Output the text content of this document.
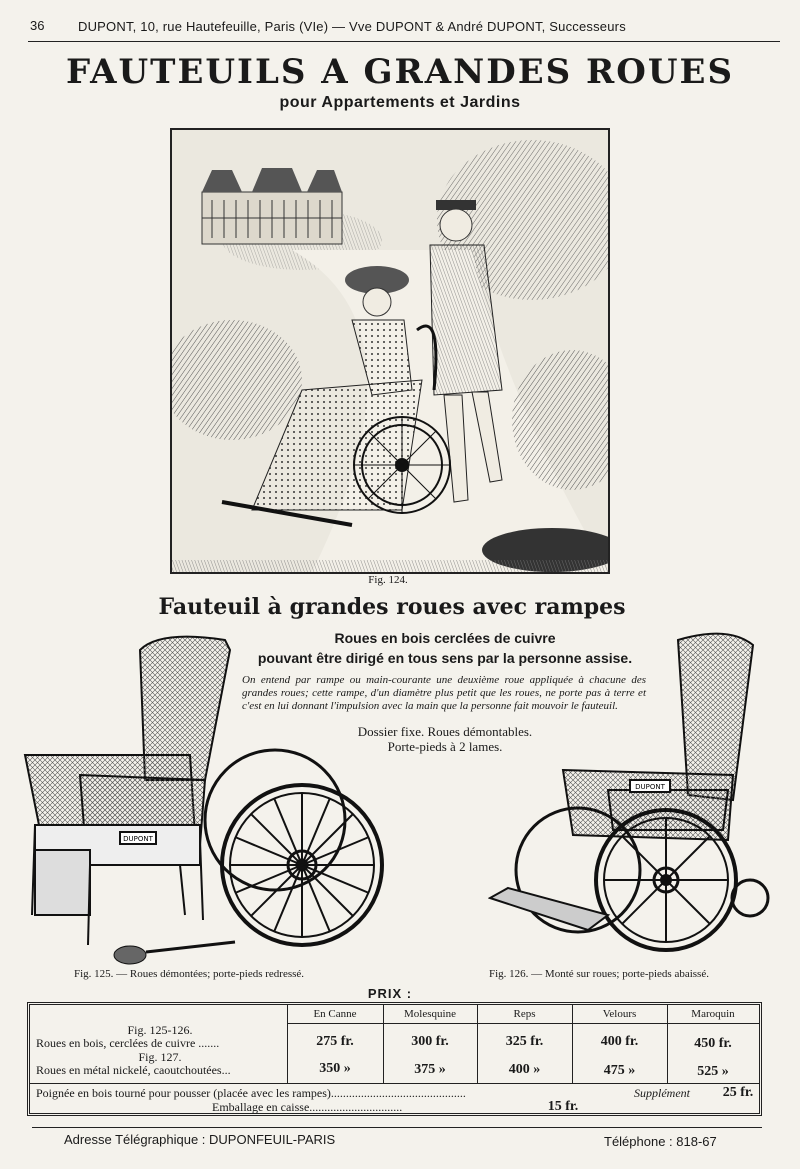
36	DUPONT, 10, rue Hautefeuille, Paris (VIe) — Vve DUPONT & André DUPONT, Successeurs
FAUTEUILS A GRANDES ROUES
pour Appartements et Jardins
Fig. 124.
Fauteuil à grandes roues avec rampes
Roues en bois cerclées de cuivre
pouvant être dirigé en tous sens par la personne assise.
On entend par rampe ou main-courante une deuxième roue appliquée à chacune des grandes roues; cette rampe, d'un diamètre plus petit que les roues, ne porte pas à terre et c'est en lui donnant l'impulsion avec la main que la personne fait mouvoir le fauteuil.
Dossier fixe. Roues démontables.
Porte-pieds à 2 lames.
DUPONT
DUPONT
Fig. 125. — Roues démontées; porte-pieds redressé.	Fig. 126. — Monté sur roues; porte-pieds abaissé.
PRIX :
En Canne	Molesquine	Reps	Velours	Maroquin
Fig. 125-126.
Roues en bois, cerclées de cuivre .......	275 fr.	300 fr.	325 fr.	400 fr.	450 fr.
Fig. 127.
Roues en métal nickelé, caoutchoutées...	350 »	375 »	400 »	475 »	525 »
Poignée en bois tourné pour pousser (placée avec les rampes).............................................	Supplément	25 fr.
Emballage en caisse...............................	15 fr.
Adresse Télégraphique : DUPONFEUIL-PARIS	Téléphone : 818-67
